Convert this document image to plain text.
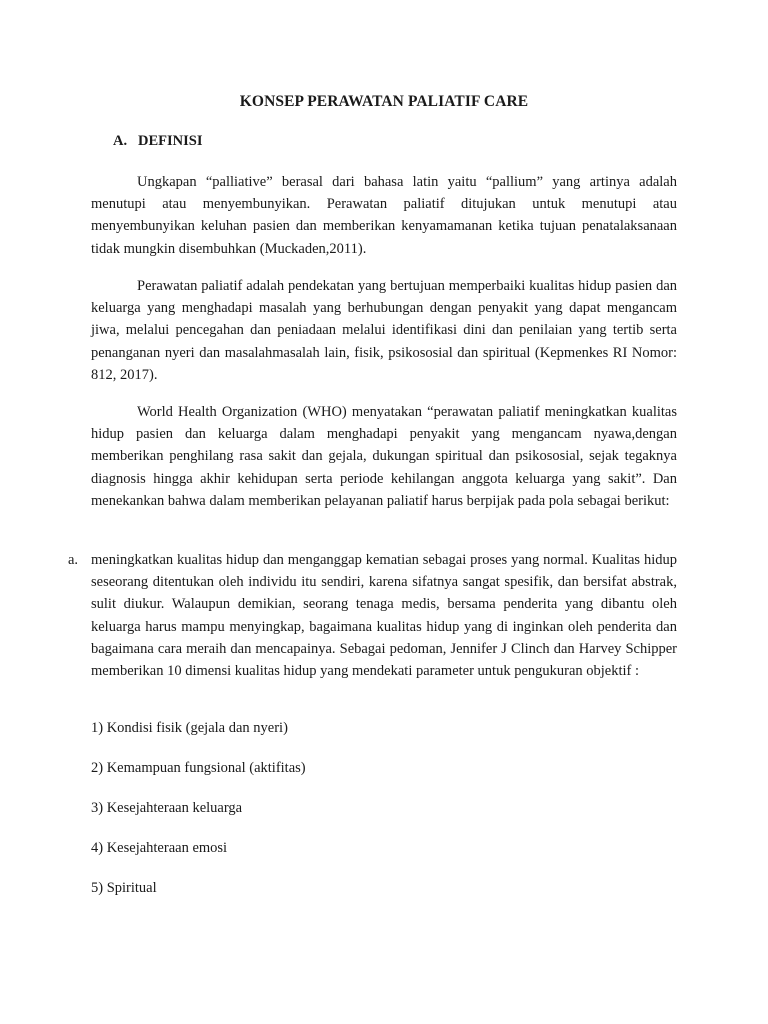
KONSEP PERAWATAN PALIATIF CARE
A. DEFINISI

Ungkapan “palliative” berasal dari bahasa latin yaitu “pallium” yang artinya adalah menutupi atau menyembunyikan. Perawatan paliatif ditujukan untuk menutupi atau menyembunyikan keluhan pasien dan memberikan kenyamamanan ketika tujuan penatalaksanaan tidak mungkin disembuhkan (Muckaden,2011).

Perawatan paliatif adalah pendekatan yang bertujuan memperbaiki kualitas hidup pasien dan keluarga yang menghadapi masalah yang berhubungan dengan penyakit yang dapat mengancam jiwa, melalui pencegahan dan peniadaan melalui identifikasi dini dan penilaian yang tertib serta penanganan nyeri dan masalahmasalah lain, fisik, psikososial dan spiritual (Kepmenkes RI Nomor: 812, 2017).

World Health Organization (WHO) menyatakan “perawatan paliatif meningkatkan kualitas hidup pasien dan keluarga dalam menghadapi penyakit yang mengancam nyawa,dengan memberikan penghilang rasa sakit dan gejala, dukungan spiritual dan psikososial, sejak tegaknya diagnosis hingga akhir kehidupan serta periode kehilangan anggota keluarga yang sakit”. Dan menekankan bahwa dalam memberikan pelayanan paliatif harus berpijak pada pola sebagai berikut:

a. meningkatkan kualitas hidup dan menganggap kematian sebagai proses yang normal. Kualitas hidup seseorang ditentukan oleh individu itu sendiri, karena sifatnya sangat spesifik, dan bersifat abstrak, sulit diukur. Walaupun demikian, seorang tenaga medis, bersama penderita yang dibantu oleh keluarga harus mampu menyingkap, bagaimana kualitas hidup yang di inginkan oleh penderita dan bagaimana cara meraih dan mencapainya. Sebagai pedoman, Jennifer J Clinch dan Harvey Schipper memberikan 10 dimensi kualitas hidup yang mendekati parameter untuk pengukuran objektif :
1) Kondisi fisik (gejala dan nyeri)
2) Kemampuan fungsional (aktifitas)
3) Kesejahteraan keluarga
4) Kesejahteraan emosi
5) Spiritual
